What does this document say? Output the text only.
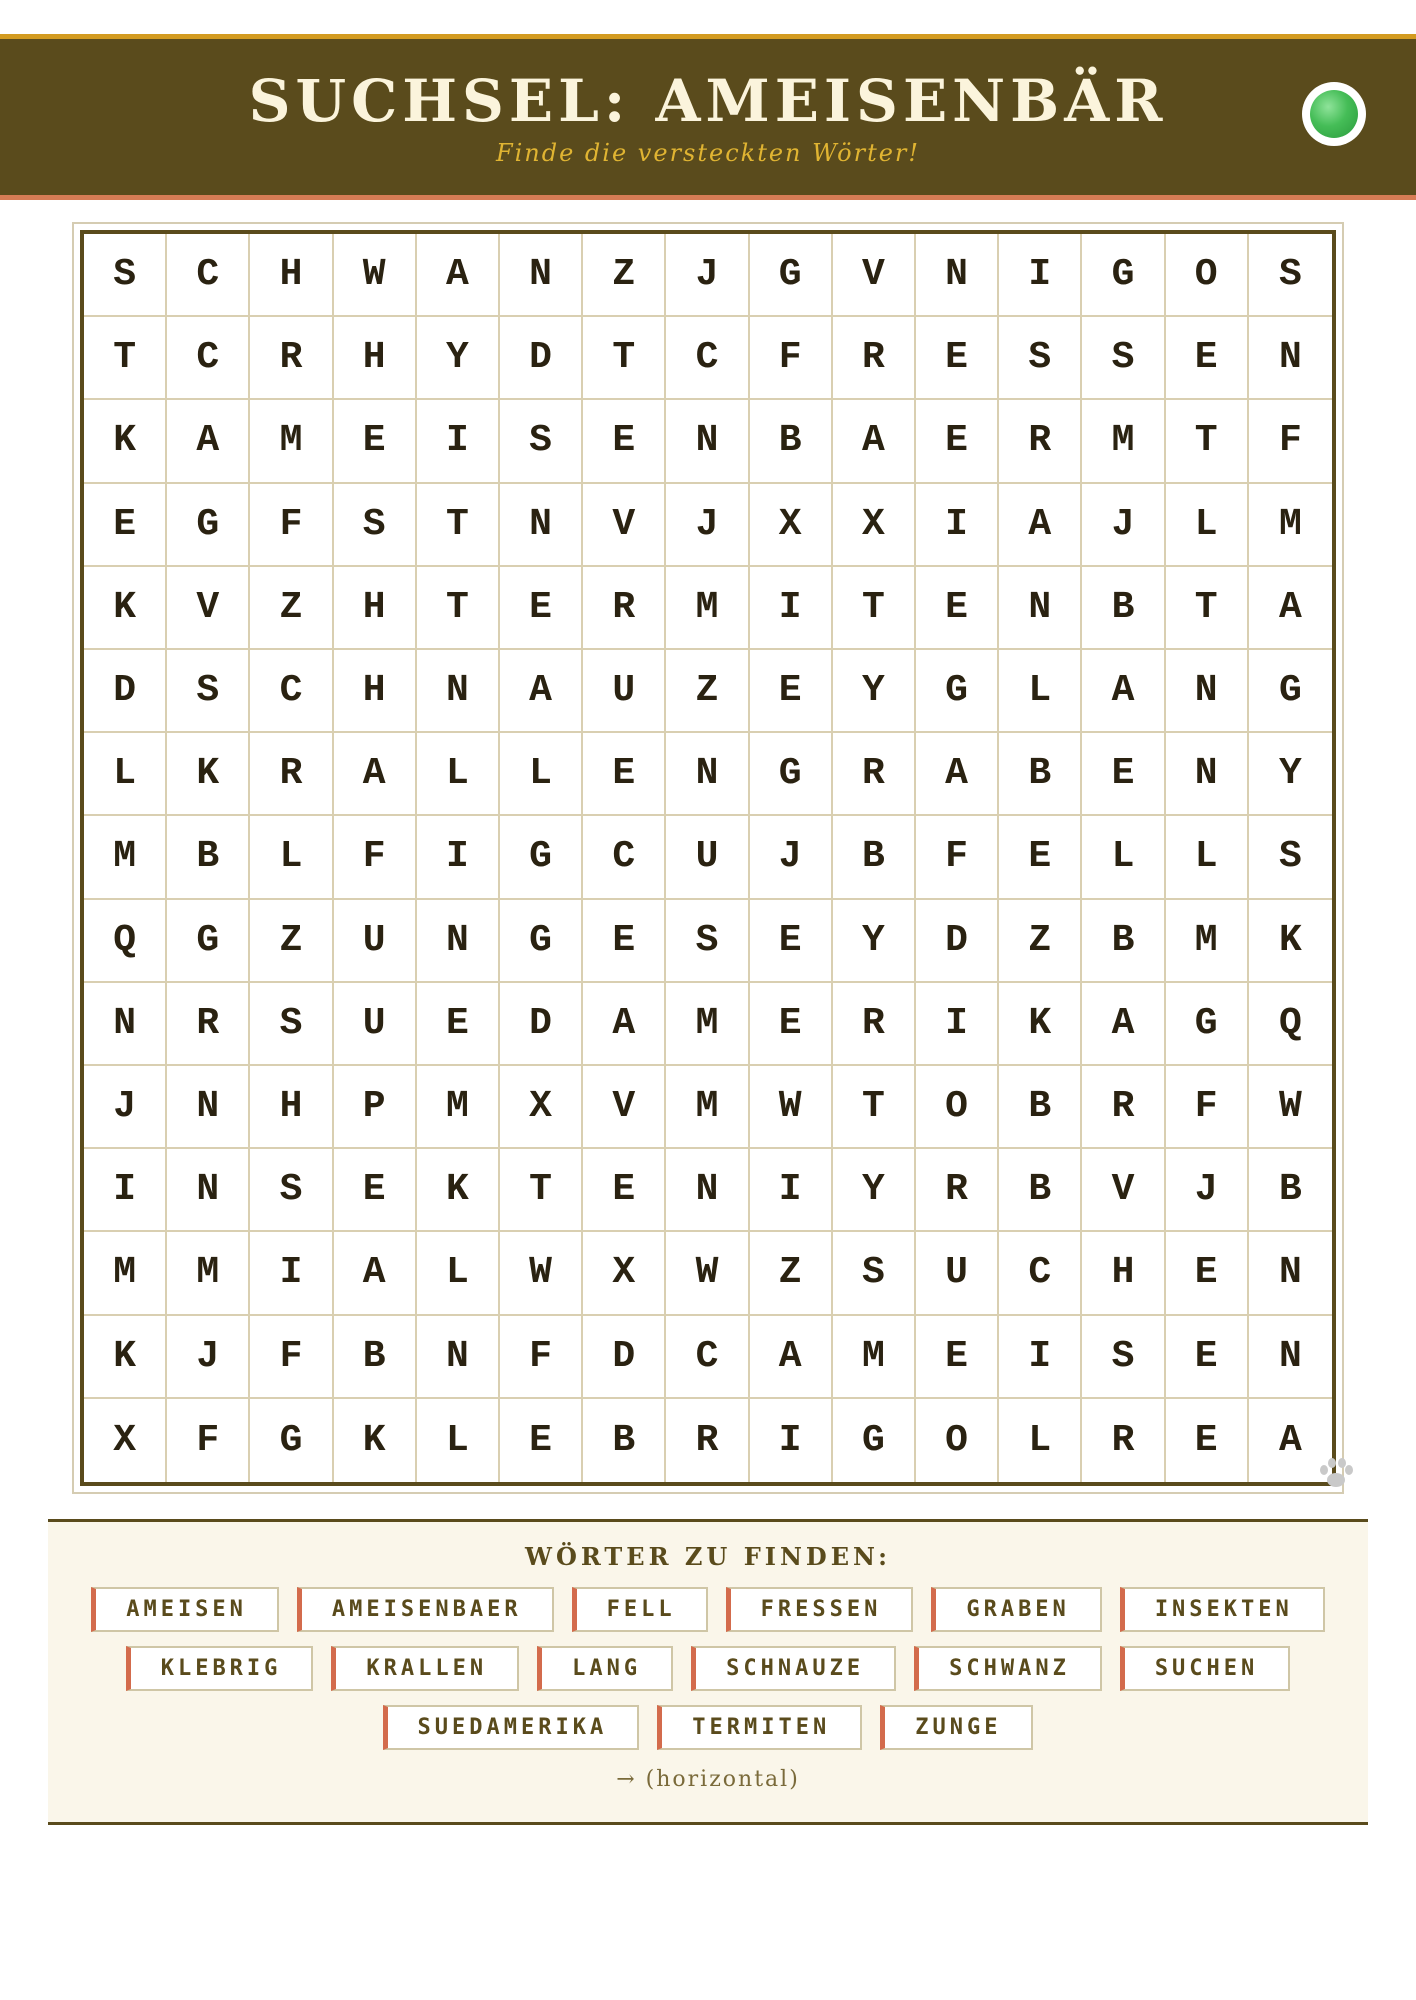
SUCHSEL: AMEISENBÄR
Finde die versteckten Wörter!
S	C	H	W	A	N	Z	J	G	V	N	I	G	O	S
T	C	R	H	Y	D	T	C	F	R	E	S	S	E	N
K	A	M	E	I	S	E	N	B	A	E	R	M	T	F
E	G	F	S	T	N	V	J	X	X	I	A	J	L	M
K	V	Z	H	T	E	R	M	I	T	E	N	B	T	A
D	S	C	H	N	A	U	Z	E	Y	G	L	A	N	G
L	K	R	A	L	L	E	N	G	R	A	B	E	N	Y
M	B	L	F	I	G	C	U	J	B	F	E	L	L	S
Q	G	Z	U	N	G	E	S	E	Y	D	Z	B	M	K
N	R	S	U	E	D	A	M	E	R	I	K	A	G	Q
J	N	H	P	M	X	V	M	W	T	O	B	R	F	W
I	N	S	E	K	T	E	N	I	Y	R	B	V	J	B
M	M	I	A	L	W	X	W	Z	S	U	C	H	E	N
K	J	F	B	N	F	D	C	A	M	E	I	S	E	N
X	F	G	K	L	E	B	R	I	G	O	L	R	E	A
WÖRTER ZU FINDEN:
AMEISEN	AMEISENBAER	FELL	FRESSEN	GRABEN	INSEKTEN
KLEBRIG	KRALLEN	LANG	SCHNAUZE	SCHWANZ	SUCHEN
SUEDAMERIKA	TERMITEN	ZUNGE
→ (horizontal)
